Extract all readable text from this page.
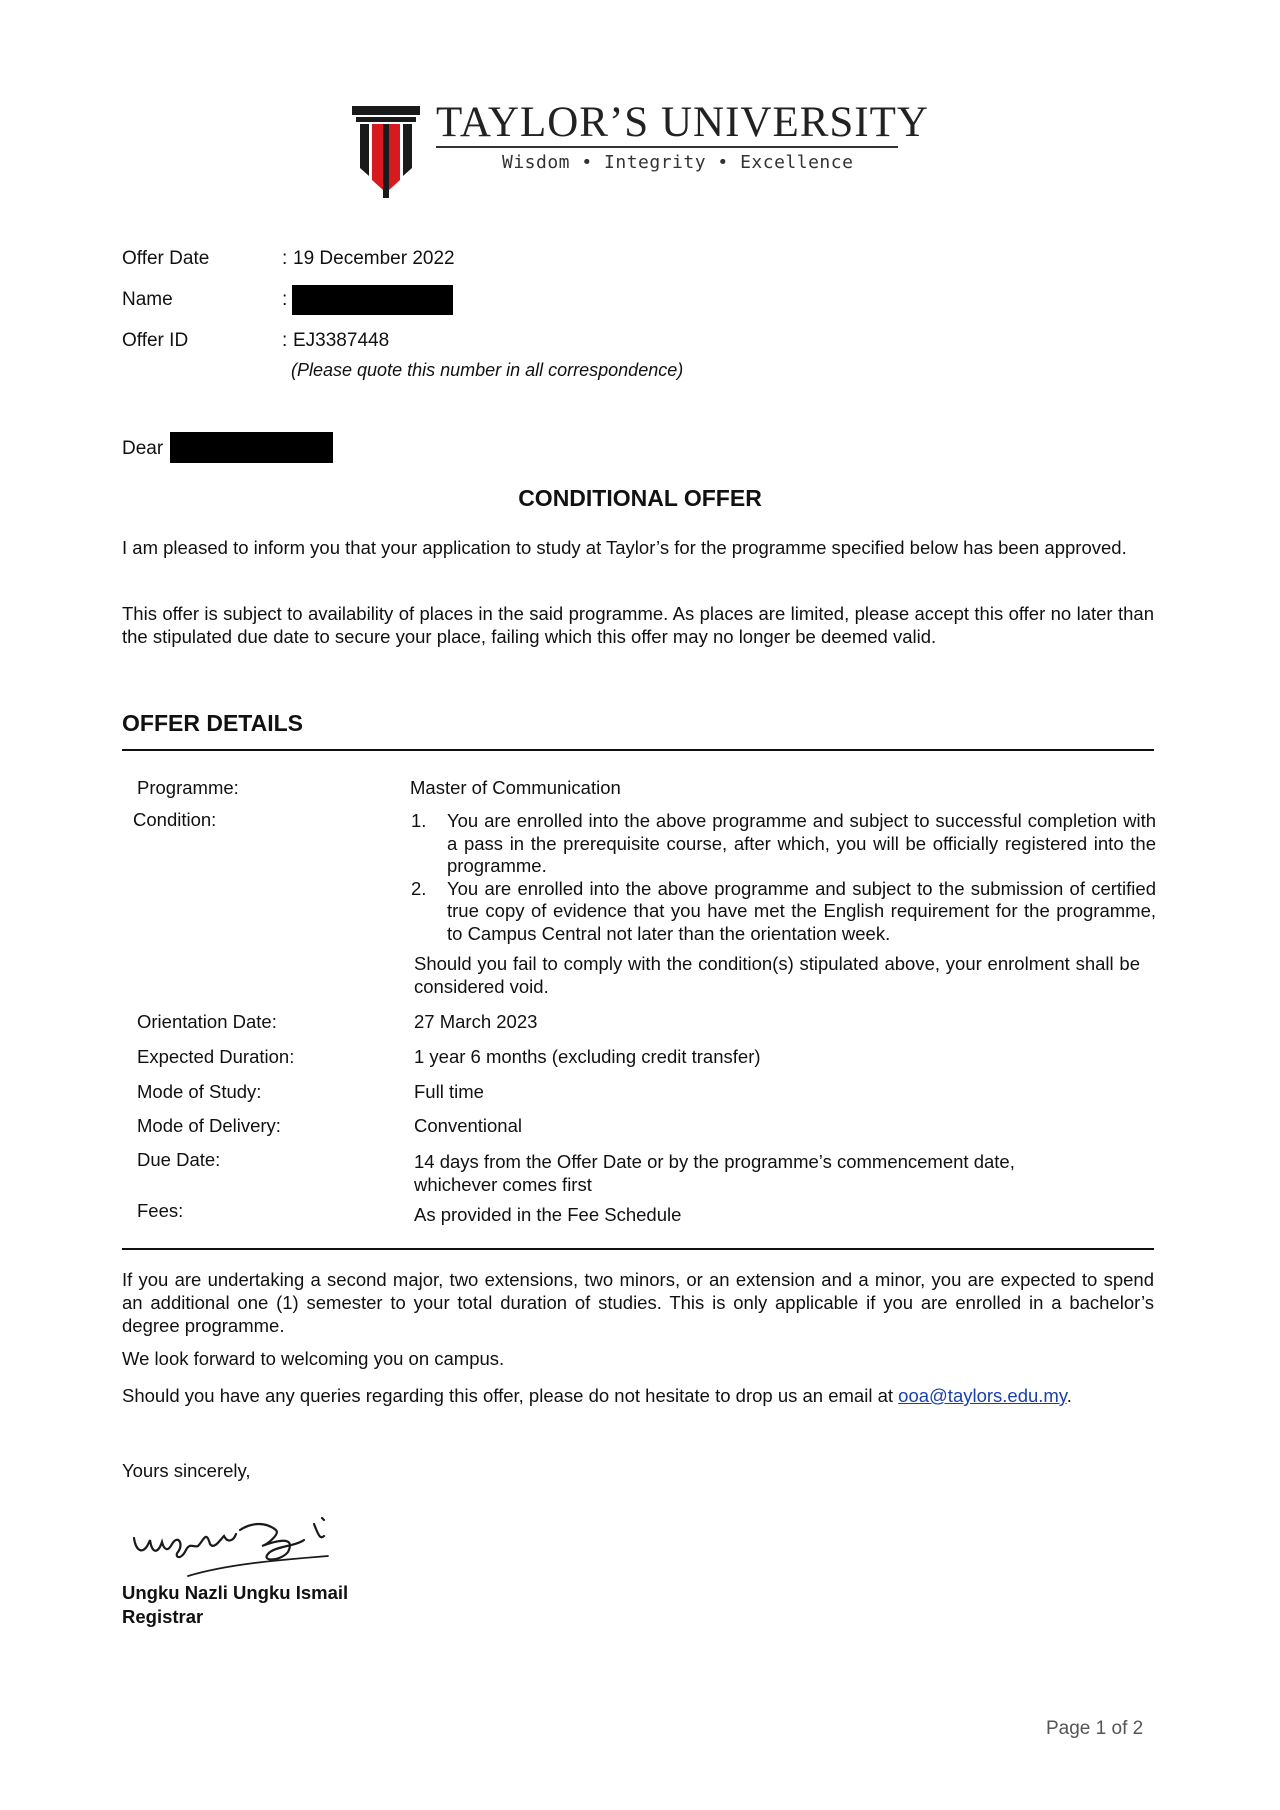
TAYLOR’S UNIVERSITY
Wisdom • Integrity • Excellence
Offer Date	: 19 December 2022
Name	:
Offer ID	: EJ3387448
(Please quote this number in all correspondence)
Dear
CONDITIONAL OFFER

I am pleased to inform you that your application to study at Taylor’s for the programme specified below has been approved.

This offer is subject to availability of places in the said programme. As places are limited, please accept this offer no later than the stipulated due date to secure your place, failing which this offer may no longer be deemed valid.

OFFER DETAILS
Programme:	Master of Communication
Condition:	1. You are enrolled into the above programme and subject to successful completion with a pass in the prerequisite course, after which, you will be officially registered into the programme.
2. You are enrolled into the above programme and subject to the submission of certified true copy of evidence that you have met the English requirement for the programme, to Campus Central not later than the orientation week.
Should you fail to comply with the condition(s) stipulated above, your enrolment shall be considered void.
Orientation Date:	27 March 2023
Expected Duration:	1 year 6 months (excluding credit transfer)
Mode of Study:	Full time
Mode of Delivery:	Conventional
Due Date:	14 days from the Offer Date or by the programme’s commencement date,
whichever comes first
Fees:	As provided in the Fee Schedule

If you are undertaking a second major, two extensions, two minors, or an extension and a minor, you are expected to spend an additional one (1) semester to your total duration of studies. This is only applicable if you are enrolled in a bachelor’s degree programme.

We look forward to welcoming you on campus.
Should you have any queries regarding this offer, please do not hesitate to drop us an email at ooa@taylors.edu.my.
Yours sincerely,
Ungku Nazli Ungku Ismail
Registrar
Page 1 of 2
